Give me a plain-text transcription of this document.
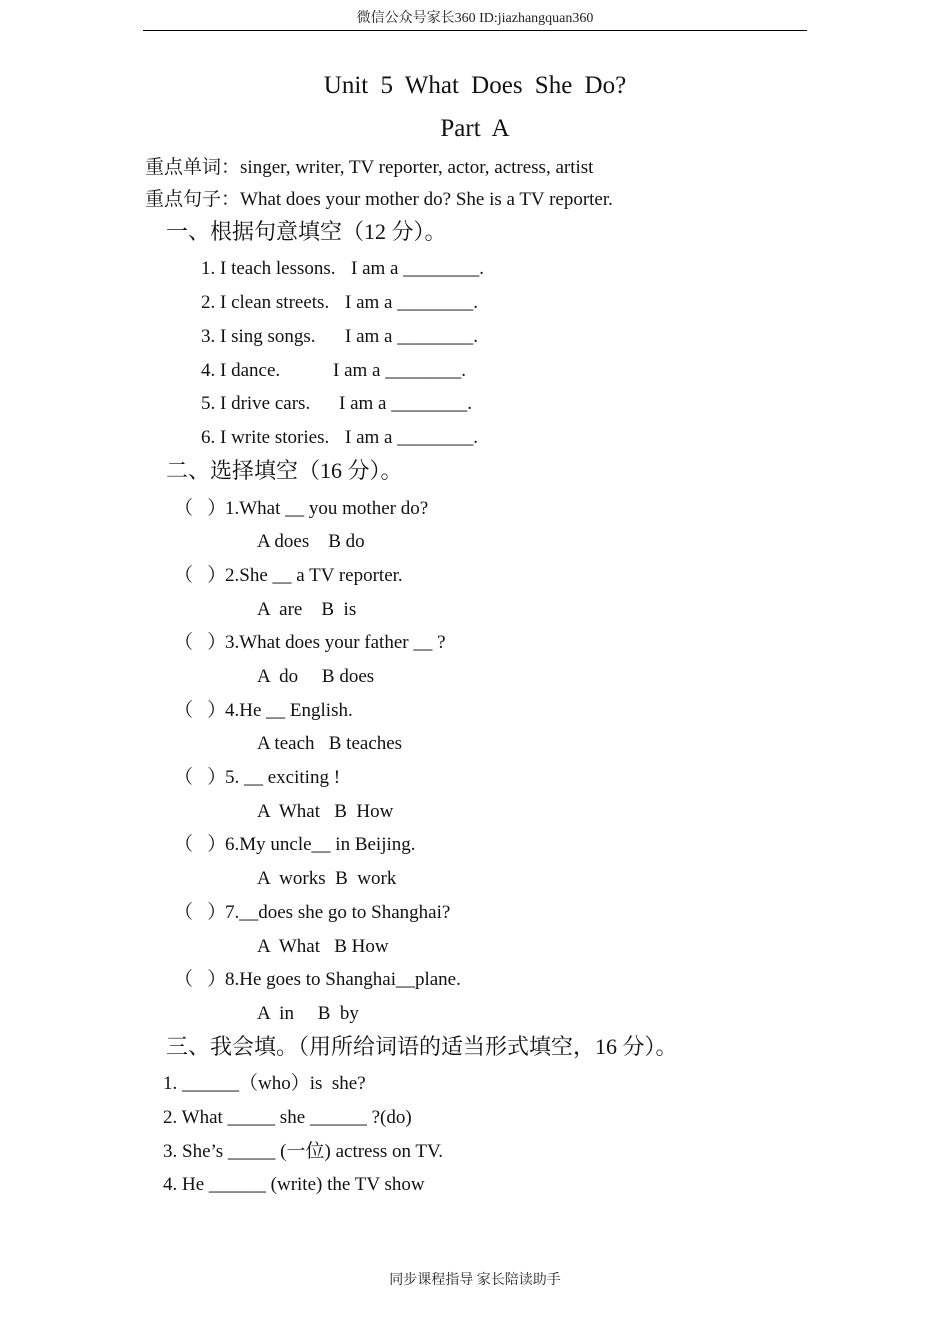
微信公众号家长360 ID:jiazhangquan360
Unit 5 What Does She Do?
Part A
重点单词：singer, writer, TV reporter, actor, actress, artist
重点句子：What does your mother do? She is a TV reporter.
一、根据句意填空（12 分）。
1. I teach lessons. I am a ________.
2. I clean streets. I am a ________.
3. I sing songs. I am a ________.
4. I dance.	I am a ________.
5. I drive cars. I am a ________.
6. I write stories. I am a ________.
二、选择填空（16 分）。
（   ）
1.What __ you mother do?
A does    B do
（   ）
2.She __ a TV reporter.
A  are    B  is
（   ）
3.What does your father __ ?
A  do     B does
（   ）
4.He __ English.
A teach   B teaches
（   ）
5. __ exciting !
A  What   B  How
（   ）
6.My uncle__ in Beijing.
A  works  B  work
（   ）
7.__does she go to Shanghai?
A  What   B How
（   ）
8.He goes to Shanghai__plane.
A  in     B  by
三、我会填。（用所给词语的适当形式填空，16 分）。
1. ______（who）is  she?
2. What _____ she ______ ?(do)
3. She’s _____ (一位) actress on TV.
4. He ______ (write) the TV show
同步课程指导 家长陪读助手
